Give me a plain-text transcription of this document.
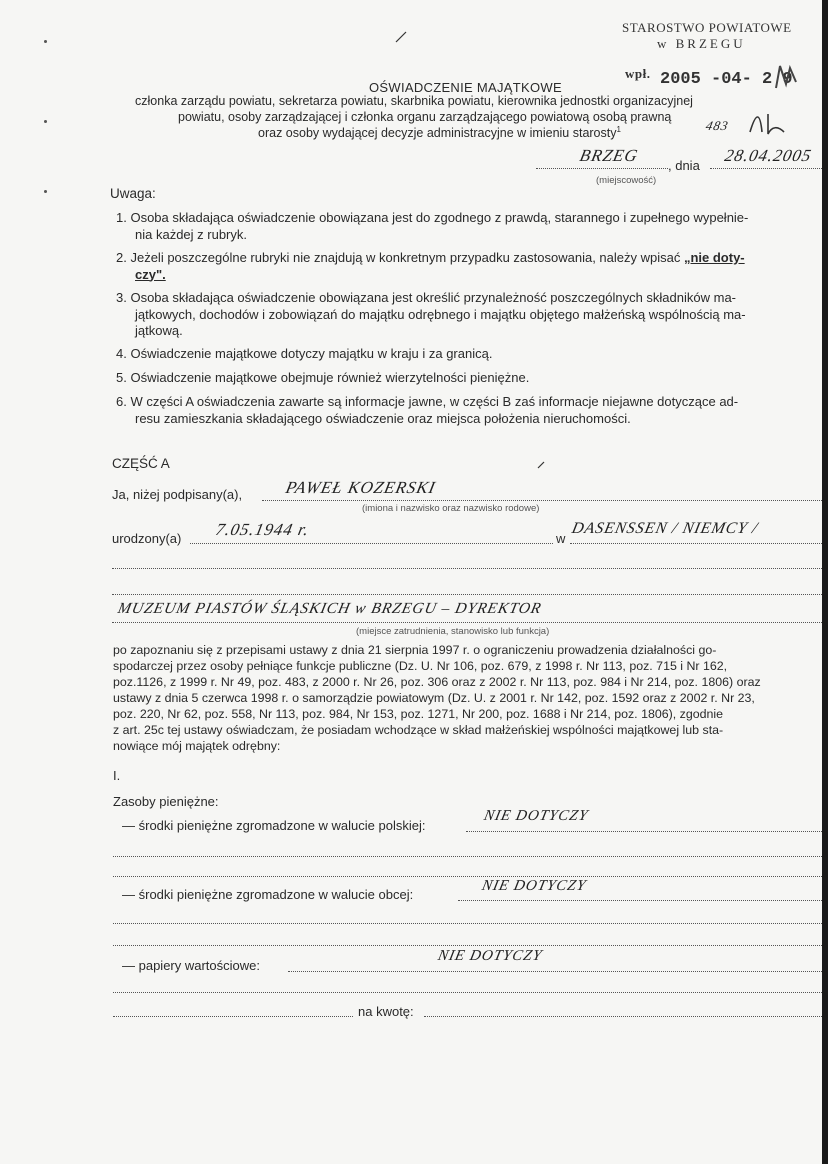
STAROSTWO POWIATOWE
w BRZEGU
wpł. 2005 -04- 2 9
483
OŚWIADCZENIE MAJĄTKOWE
członka zarządu powiatu, sekretarza powiatu, skarbnika powiatu, kierownika jednostki organizacyjnej
powiatu, osoby zarządzającej i członka organu zarządzającego powiatową osobą prawną
oraz osoby wydającej decyzje administracyjne w imieniu starosty$^1$
BRZEG
, dnia
28.04.2005
(miejscowość)
Uwaga:
1. Osoba składająca oświadczenie obowiązana jest do zgodnego z prawdą, starannego i zupełnego wypełnie-
nia każdej z rubryk.
2. Jeżeli poszczególne rubryki nie znajdują w konkretnym przypadku zastosowania, należy wpisać „nie doty-
czy".
3. Osoba składająca oświadczenie obowiązana jest określić przynależność poszczególnych składników ma-
jątkowych, dochodów i zobowiązań do majątku odrębnego i majątku objętego małżeńską wspólnością ma-
jątkową.
4. Oświadczenie majątkowe dotyczy majątku w kraju i za granicą.
5. Oświadczenie majątkowe obejmuje również wierzytelności pieniężne.
6. W części A oświadczenia zawarte są informacje jawne, w części B zaś informacje niejawne dotyczące ad-
resu zamieszkania składającego oświadczenie oraz miejsca położenia nieruchomości.
CZĘŚĆ A
Ja, niżej podpisany(a), PAWEŁ KOZERSKI
(imiona i nazwisko oraz nazwisko rodowe)
urodzony(a) 7.05.1944 r.	w
DASENSSEN / NIEMCY /
MUZEUM PIASTÓW ŚLĄSKICH w BRZEGU – DYREKTOR
(miejsce zatrudnienia, stanowisko lub funkcja)
po zapoznaniu się z przepisami ustawy z dnia 21 sierpnia 1997 r. o ograniczeniu prowadzenia działalności go-
spodarczej przez osoby pełniące funkcje publiczne (Dz. U. Nr 106, poz. 679, z 1998 r. Nr 113, poz. 715 i Nr 162,
poz.1126, z 1999 r. Nr 49, poz. 483, z 2000 r. Nr 26, poz. 306 oraz z 2002 r. Nr 113, poz. 984 i Nr 214, poz. 1806) oraz
ustawy z dnia 5 czerwca 1998 r. o samorządzie powiatowym (Dz. U. z 2001 r. Nr 142, poz. 1592 oraz z 2002 r. Nr 23,
poz. 220, Nr 62, poz. 558, Nr 113, poz. 984, Nr 153, poz. 1271, Nr 200, poz. 1688 i Nr 214, poz. 1806), zgodnie
z art. 25c tej ustawy oświadczam, że posiadam wchodzące w skład małżeńskiej wspólności majątkowej lub sta-
nowiące mój majątek odrębny:
I.
Zasoby pieniężne:
— środki pieniężne zgromadzone w walucie polskiej:
NIE DOTYCZY
— środki pieniężne zgromadzone w walucie obcej:
NIE DOTYCZY
— papiery wartościowe:
NIE DOTYCZY
na kwotę:
